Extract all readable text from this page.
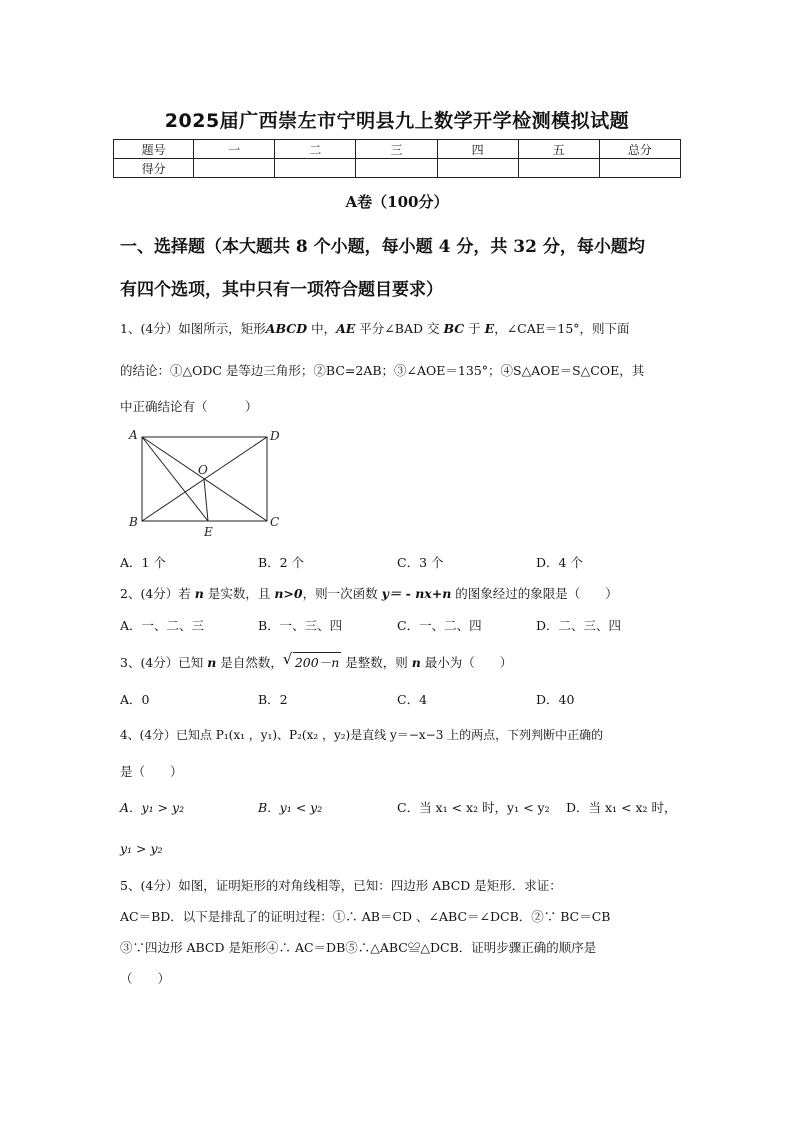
2025届广西崇左市宁明县九上数学开学检测模拟试题
题号	一	二	三	四	五	总分
得分						
A卷（100分）
一、选择题（本大题共 8 个小题，每小题 4 分，共 32 分，每小题均
有四个选项，其中只有一项符合题目要求）
1、(4分）如图所示，矩形ABCD 中，AE 平分∠BAD 交 BC 于 E，∠CAE＝15°，则下面
的结论：①△ODC 是等边三角形；②BC=2AB；③∠AOE＝135°；④S△AOE＝S△COE，其
中正确结论有（　　　）
A	D
O
B
E
C
A．1 个	B．2 个	C．3 个	D．4 个
2、(4分）若 n 是实数，且 n>0，则一次函数 y＝ - nx+n 的图象经过的象限是（　　）
A．一、二、三	B．一、三、四	C．一、二、四	D．二、三、四
3、(4分）已知 n 是自然数， √ 200－n 是整数，则 n 最小为（　　）
A．0	B．2	C．4	D．40
4、(4分）已知点 P₁(x₁ ，y₁)、P₂(x₂ ，y₂)是直线 y＝−x−3 上的两点，下列判断中正确的
是（　　）
A．y₁ > y₂	B．y₁ < y₂	C．当 x₁ < x₂ 时，y₁ < y₂ D．当 x₁ < x₂ 时，
y₁ > y₂
5、(4分）如图，证明矩形的对角线相等，已知：四边形 ABCD 是矩形．求证：
AC＝BD．以下是排乱了的证明过程：①∴ AB＝CD 、∠ABC＝∠DCB．②∵ BC＝CB
③∵四边形 ABCD 是矩形④∴ AC＝DB⑤∴△ABC≌△DCB．证明步骤正确的顺序是
（　　）
